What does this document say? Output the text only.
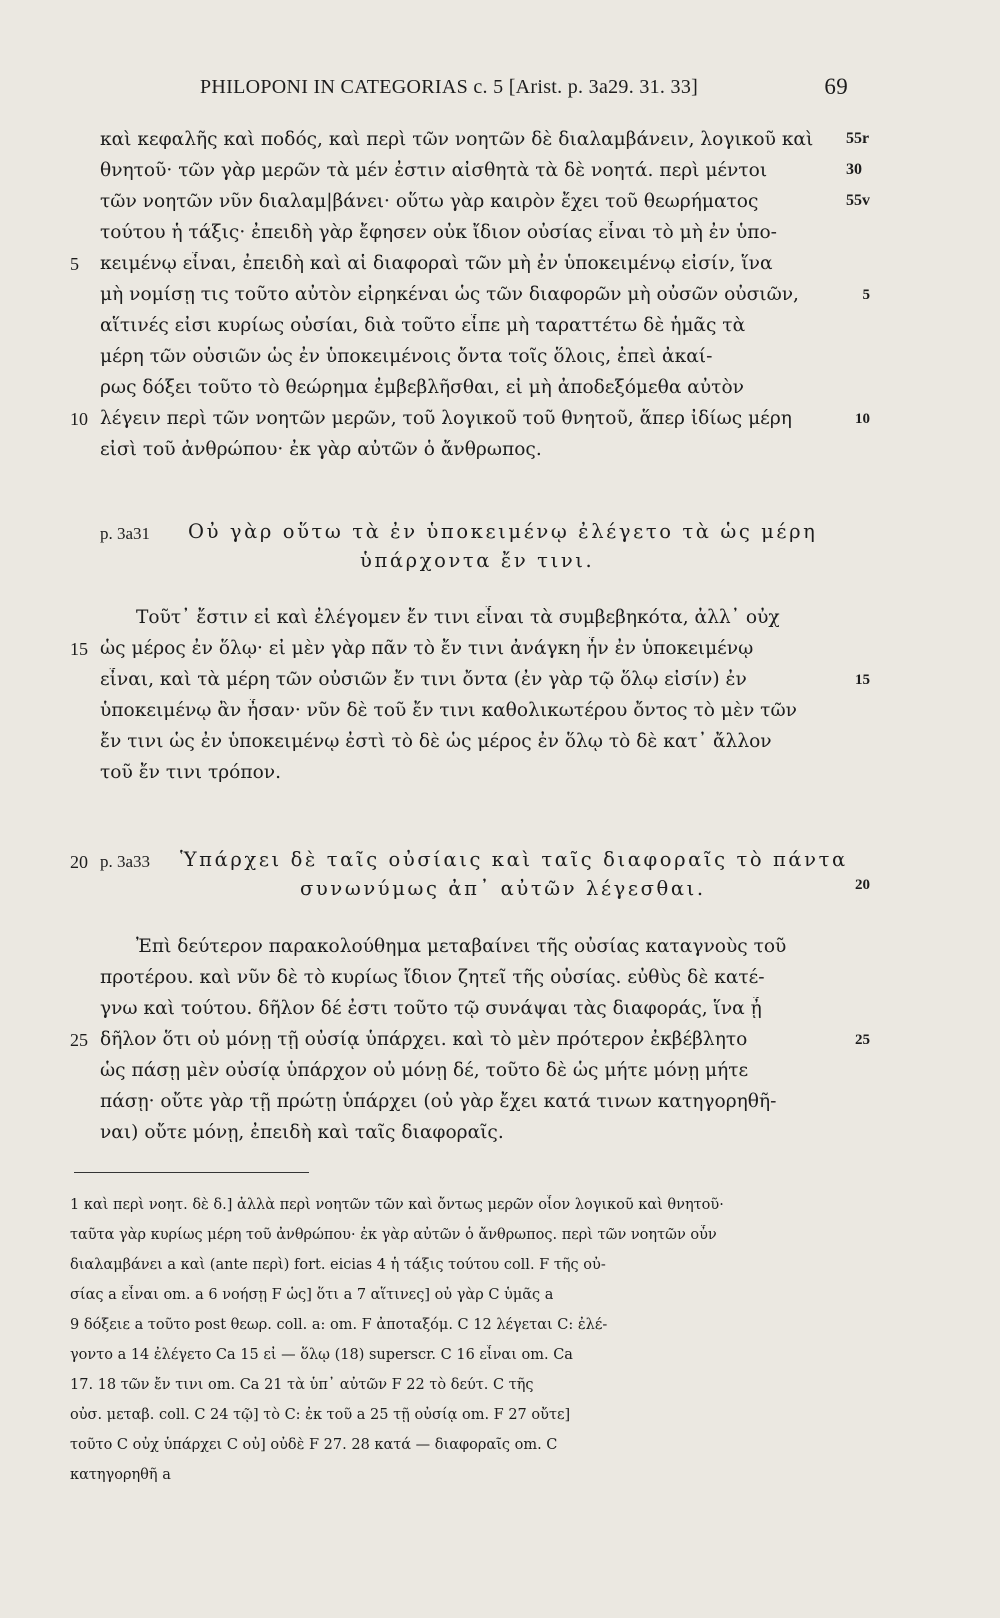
PHILOPONI IN CATEGORIAS c. 5 [Arist. p. 3a29. 31. 33]	69
καὶ κεφαλῆς καὶ ποδός, καὶ περὶ τῶν νοητῶν δὲ διαλαμβάνειν, λογικοῦ καὶ
θνητοῦ· τῶν γὰρ μερῶν τὰ μέν ἐστιν αἰσθητὰ τὰ δὲ νοητά. περὶ μέντοι
τῶν νοητῶν νῦν διαλαμ|βάνει· οὕτω γὰρ καιρὸν ἔχει τοῦ θεωρήματος
τούτου ἡ τάξις· ἐπειδὴ γὰρ ἔφησεν οὐκ ἴδιον οὐσίας εἶναι τὸ μὴ ἐν ὑπο-
κειμένῳ εἶναι, ἐπειδὴ καὶ αἱ διαφοραὶ τῶν μὴ ἐν ὑποκειμένῳ εἰσίν, ἵνα
μὴ νομίσῃ τις τοῦτο αὐτὸν εἰρηκέναι ὡς τῶν διαφορῶν μὴ οὐσῶν οὐσιῶν,
αἵτινές εἰσι κυρίως οὐσίαι, διὰ τοῦτο εἶπε μὴ ταραττέτω δὲ ἡμᾶς τὰ
μέρη τῶν οὐσιῶν ὡς ἐν ὑποκειμένοις ὄντα τοῖς ὅλοις, ἐπεὶ ἀκαί-
ρως δόξει τοῦτο τὸ θεώρημα ἐμβεβλῆσθαι, εἰ μὴ ἀποδεξόμεθα αὐτὸν
λέγειν περὶ τῶν νοητῶν μερῶν, τοῦ λογικοῦ τοῦ θνητοῦ, ἅπερ ἰδίως μέρη
εἰσὶ τοῦ ἀνθρώπου· ἐκ γὰρ αὐτῶν ὁ ἄνθρωπος.
55r
30
55v
5
5
10	10
p. 3a31 Οὐ γὰρ οὕτω τὰ ἐν ὑποκειμένῳ ἐλέγετο τὰ ὡς μέρη
ὑπάρχοντα ἔν τινι.
Τοῦτ᾽ ἔστιν εἰ καὶ ἐλέγομεν ἔν τινι εἶναι τὰ συμβεβηκότα, ἀλλ᾽ οὐχ
ὡς μέρος ἐν ὅλῳ· εἰ μὲν γὰρ πᾶν τὸ ἔν τινι ἀνάγκη ἦν ἐν ὑποκειμένῳ
εἶναι, καὶ τὰ μέρη τῶν οὐσιῶν ἔν τινι ὄντα (ἐν γὰρ τῷ ὅλῳ εἰσίν) ἐν
ὑποκειμένῳ ἂν ἦσαν· νῦν δὲ τοῦ ἔν τινι καθολικωτέρου ὄντος τὸ μὲν τῶν
ἔν τινι ὡς ἐν ὑποκειμένῳ ἐστὶ τὸ δὲ ὡς μέρος ἐν ὅλῳ τὸ δὲ κατ᾽ ἄλλον
τοῦ ἔν τινι τρόπον.
15
15
20 p. 3a33 Ὑπάρχει δὲ ταῖς οὐσίαις καὶ ταῖς διαφοραῖς τὸ πάντα
συνωνύμως ἀπ᾽ αὐτῶν λέγεσθαι.	20
Ἐπὶ δεύτερον παρακολούθημα μεταβαίνει τῆς οὐσίας καταγνοὺς τοῦ
προτέρου. καὶ νῦν δὲ τὸ κυρίως ἴδιον ζητεῖ τῆς οὐσίας. εὐθὺς δὲ κατέ-
γνω καὶ τούτου. δῆλον δέ ἐστι τοῦτο τῷ συνάψαι τὰς διαφοράς, ἵνα ᾖ
δῆλον ὅτι οὐ μόνῃ τῇ οὐσίᾳ ὑπάρχει. καὶ τὸ μὲν πρότερον ἐκβέβλητο
ὡς πάσῃ μὲν οὐσίᾳ ὑπάρχον οὐ μόνῃ δέ, τοῦτο δὲ ὡς μήτε μόνῃ μήτε
πάσῃ· οὔτε γὰρ τῇ πρώτῃ ὑπάρχει (οὐ γὰρ ἔχει κατά τινων κατηγορηθῆ-
ναι) οὔτε μόνῃ, ἐπειδὴ καὶ ταῖς διαφοραῖς.
25	25
1 καὶ περὶ νοητ. δὲ δ.] ἀλλὰ περὶ νοητῶν τῶν καὶ ὄντως μερῶν οἷον λογικοῦ καὶ θνητοῦ·
ταῦτα γὰρ κυρίως μέρη τοῦ ἀνθρώπου· ἐκ γὰρ αὐτῶν ὁ ἄνθρωπος. περὶ τῶν νοητῶν οὖν
διαλαμβάνει a καὶ (ante περὶ) fort. eicias 4 ἡ τάξις τούτου coll. F τῆς οὐ-
σίας a εἶναι om. a 6 νοήσῃ F ὡς] ὅτι a 7 αἵτινες] οὐ γὰρ C ὑμᾶς a
9 δόξειε a τοῦτο post θεωρ. coll. a: om. F ἀποταξόμ. C 12 λέγεται C: ἐλέ-
γοντο a 14 ἐλέγετο Ca 15 εἰ — ὅλῳ (18) superscr. C 16 εἶναι om. Ca
17. 18 τῶν ἔν τινι om. Ca 21 τὰ ὑπ᾽ αὐτῶν F 22 τὸ δεύτ. C τῆς
οὐσ. μεταβ. coll. C 24 τῷ] τὸ C: ἐκ τοῦ a 25 τῇ οὐσίᾳ om. F 27 οὔτε]
τοῦτο C οὐχ ὑπάρχει C οὐ] οὐδὲ F 27. 28 κατά — διαφοραῖς om. C
κατηγορηθῆ a
